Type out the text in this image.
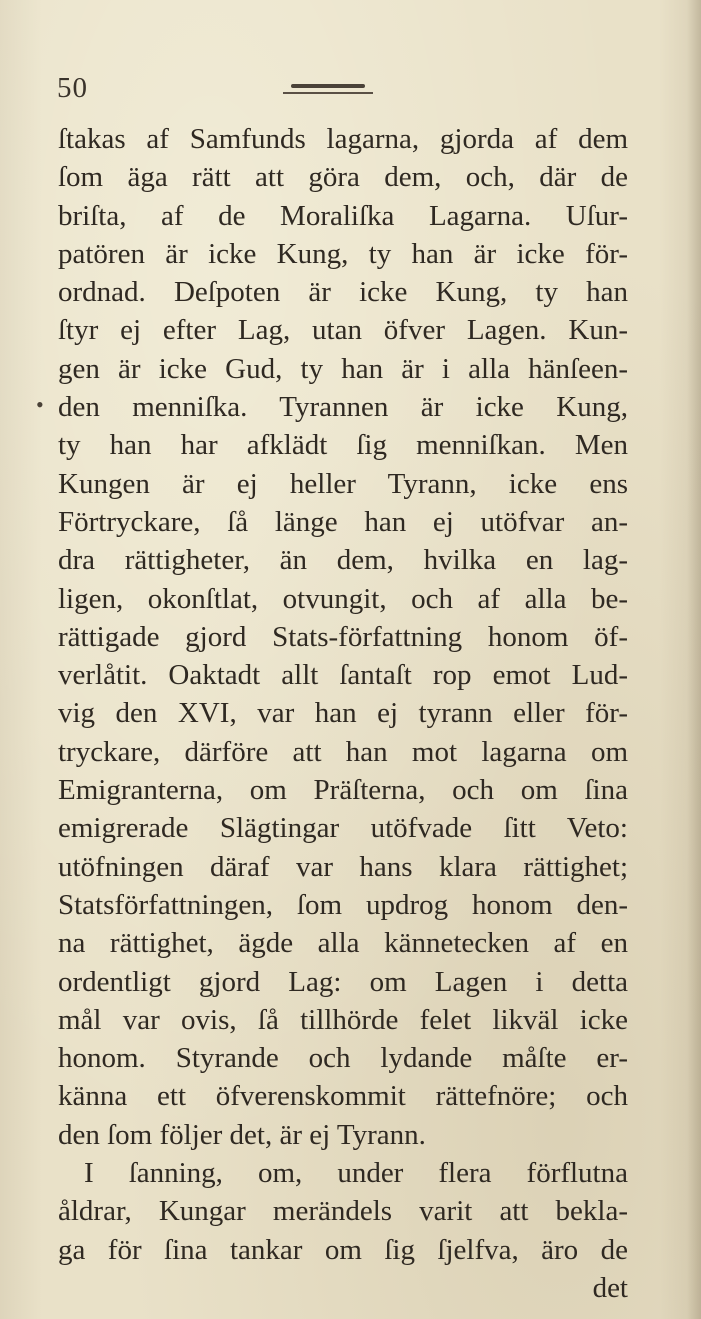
50
•
ſtakas af Samfunds lagarna, gjorda af dem
ſom äga rätt att göra dem, och, där de
briſta, af de Moraliſka Lagarna. Uſur-
patören är icke Kung, ty han är icke för-
ordnad. Deſpoten är icke Kung, ty han
ſtyr ej efter Lag, utan öfver Lagen. Kun-
gen är icke Gud, ty han är i alla hänſeen-
den menniſka. Tyrannen är icke Kung,
ty han har afklädt ſig menniſkan. Men
Kungen är ej heller Tyrann, icke ens
Förtryckare, ſå länge han ej utöfvar an-
dra rättigheter, än dem, hvilka en lag-
ligen, okonſtlat, otvungit, och af alla be-
rättigade gjord Stats-författning honom öf-
verlåtit. Oaktadt allt ſantaſt rop emot Lud-
vig den XVI, var han ej tyrann eller för-
tryckare, därföre att han mot lagarna om
Emigranterna, om Präſterna, och om ſina
emigrerade Slägtingar utöfvade ſitt Veto:
utöfningen däraf var hans klara rättighet;
Statsförfattningen, ſom updrog honom den-
na rättighet, ägde alla kännetecken af en
ordentligt gjord Lag: om Lagen i detta
mål var ovis, ſå tillhörde felet likväl icke
honom. Styrande och lydande måſte er-
känna ett öfverenskommit rättefnöre; och
den ſom följer det, är ej Tyrann.
I ſanning, om, under flera förflutna
åldrar, Kungar merändels varit att bekla-
ga för ſina tankar om ſig ſjelfva, äro de
det
